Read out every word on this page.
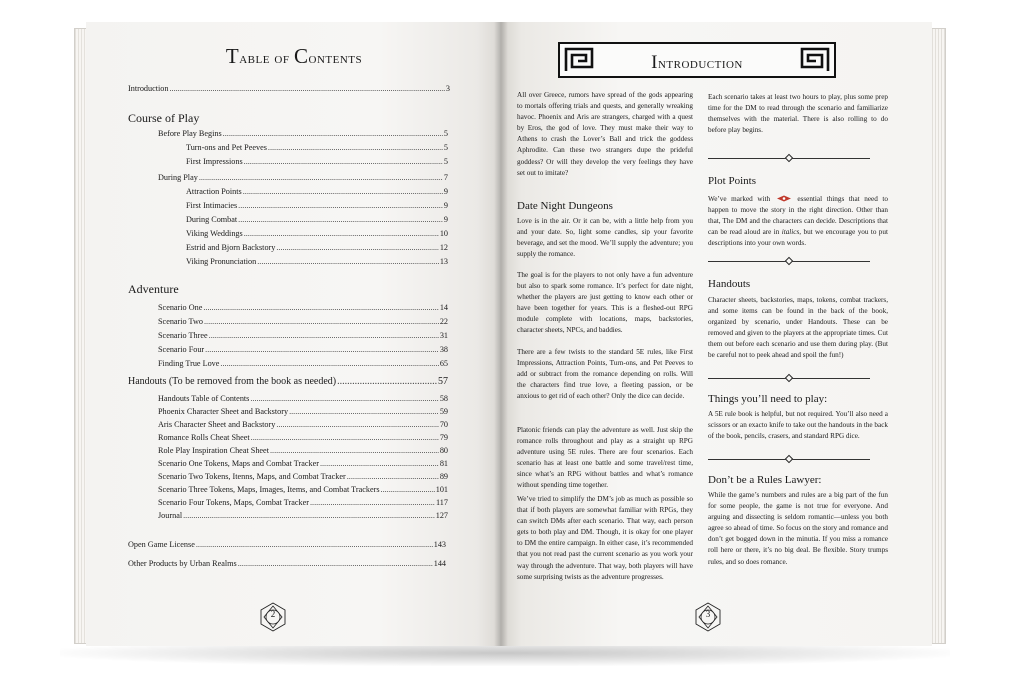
Table of Contents
Introduction .....	3
Course of Play
Before Play Begins .....	5
Turn-ons and Pet Peeves .....	5
First Impressions .....	5
During Play .....	7
Attraction Points .....	9
First Intimacies .....	9
During Combat .....	9
Viking Weddings .....	10
Estrid and Bjorn Backstory .....	12
Viking Pronunciation .....	13
Adventure
Scenario One .....	14
Scenario Two .....	22
Scenario Three .....	31
Scenario Four .....	38
Finding True Love .....	65
Handouts (To be removed from the book as needed) .....	57
Handouts Table of Contents .....	58
Phoenix Character Sheet and Backstory .....	59
Aris Character Sheet and Backstory .....	70
Romance Rolls Cheat Sheet .....	79
Role Play Inspiration Cheat Sheet .....	80
Scenario One Tokens, Maps and Combat Tracker .....	81
Scenario Two Tokens, Itenns, Maps, and Combat Tracker .....	89
Scenario Three Tokens, Maps, Images, Items, and Combat Trackers .....	101
Scenario Four Tokens, Maps, Combat Tracker .....	117
Journal .....	127
Open Game License .....	143
Other Products by Urban Realms .....	144
2
Introduction
All over Greece, rumors have spread of the gods appearing to mortals offering trials and quests, and generally wreaking havoc. Phoenix and Aris are strangers, charged with a quest by Eros, the god of love. They must make their way to Athens to crash the Lover’s Ball and trick the goddess Aphrodite. Can these two strangers dupe the prideful goddess? Or will they develop the very feelings they have set out to imitate?
Date Night Dungeons
Love is in the air. Or it can be, with a little help from you and your date. So, light some candles, sip your favorite beverage, and set the mood. We’ll supply the adventure; you supply the romance.
The goal is for the players to not only have a fun adventure but also to spark some romance. It’s perfect for date night, whether the players are just getting to know each other or have been together for years. This is a fleshed-out RPG module complete with locations, maps, backstories, character sheets, NPCs, and baddies.
There are a few twists to the standard 5E rules, like First Impressions, Attraction Points, Turn-ons, and Pet Peeves to add or subtract from the romance depending on rolls. Will the characters find true love, a fleeting passion, or be anxious to get rid of each other? Only the dice can decide.
Platonic friends can play the adventure as well. Just skip the romance rolls throughout and play as a straight up RPG adventure using 5E rules. There are four scenarios. Each scenario has at least one battle and some travel/rest time, since what’s an RPG without battles and what’s romance without spending time together.
We’ve tried to simplify the DM’s job as much as possible so that if both players are somewhat familiar with RPGs, they can switch DMs after each scenario. That way, each person gets to both play and DM. Though, it is okay for one player to DM the entire campaign. In either case, it’s recommended that you not read past the current scenario as you work your way through the adventure. That way, both players will have some surprising twists as the adventure progresses.
Each scenario takes at least two hours to play, plus some prep time for the DM to read through the scenario and familiarize themselves with the material. There is also rolling to do before play begins.
Plot Points
We’ve marked with	essential things that need to happen to move the story in the right direction. Other than that, The DM and the characters can decide. Descriptions that can be read aloud are in italics, but we encourage you to put descriptions into your own words.
Handouts
Character sheets, backstories, maps, tokens, combat trackers, and some items can be found in the back of the book, organized by scenario, under Handouts. These can be removed and given to the players at the appropriate times. Cut them out before each scenario and use them during play. (But be careful not to peek ahead and spoil the fun!)
Things you’ll need to play:
A 5E rule book is helpful, but not required. You’ll also need a scissors or an exacto knife to take out the handouts in the back of the book, pencils, crasers, and standard RPG dice.
Don’t be a Rules Lawyer:
While the game’s numbers and rules are a big part of the fun for some people, the game is not true for everyone. And arguing and dissecting is seldom romantic—unless you both agree so ahead of time. So focus on the story and romance and don’t get bogged down in the minutia. If you miss a romance roll here or there, it’s no big deal. Be flexible. Story trumps rules, and so does romance.
3
